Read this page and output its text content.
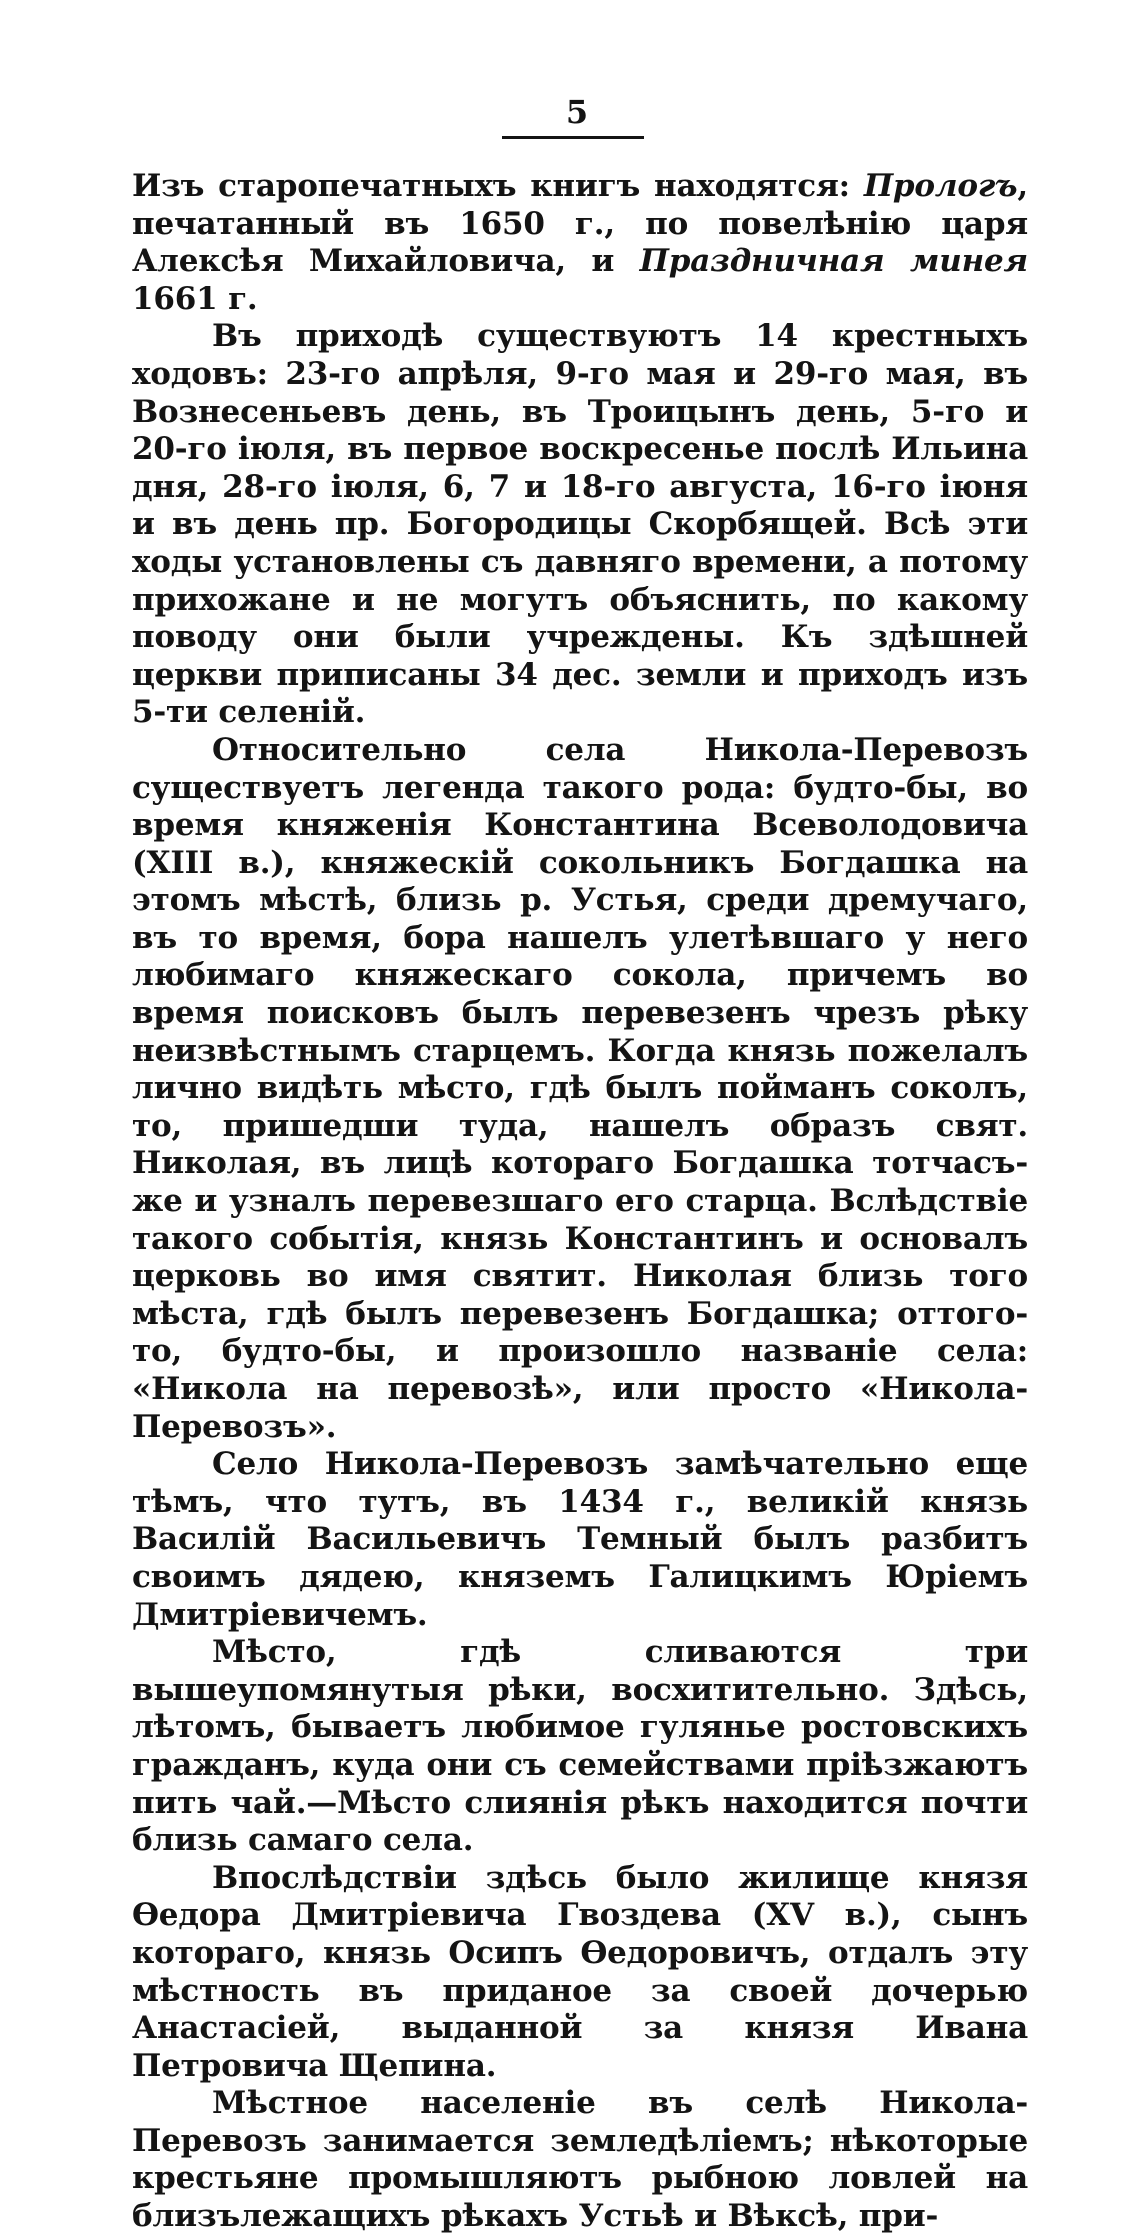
5

Изъ старопечатныхъ книгъ находятся: Прологъ, печатанный въ 1650 г., по повелѣнію царя Алексѣя Михайловича, и Праздничная минея 1661 г.

Въ приходѣ существуютъ 14 крестныхъ ходовъ: 23-го апрѣля, 9-го мая и 29-го мая, въ Вознесеньевъ день, въ Троицынъ день, 5-го и 20-го іюля, въ первое воскресенье послѣ Ильина дня, 28-го іюля, 6, 7 и 18-го августа, 16-го іюня и въ день пр. Богородицы Скорбящей. Всѣ эти ходы установлены съ давняго времени, а потому прихожане и не могутъ объяснить, по какому поводу они были учреждены. Къ здѣшней церкви приписаны 34 дес. земли и приходъ изъ 5-ти селеній.

Относительно села Никола-Перевозъ существуетъ легенда такого рода: будто-бы, во время княженія Константина Всеволодовича (XIII в.), княжескій сокольникъ Богдашка на этомъ мѣстѣ, близь р. Устья, среди дремучаго, въ то время, бора нашелъ улетѣвшаго у него любимаго княжескаго сокола, причемъ во время поисковъ былъ перевезенъ чрезъ рѣку неизвѣстнымъ старцемъ. Когда князь пожелалъ лично видѣть мѣсто, гдѣ былъ пойманъ соколъ, то, пришедши туда, нашелъ образъ свят. Николая, въ лицѣ котораго Богдашка тотчасъ-же и узналъ перевезшаго его старца. Вслѣдствіе такого событія, князь Константинъ и основалъ церковь во имя святит. Николая близь того мѣста, гдѣ былъ перевезенъ Богдашка; оттого-то, будто-бы, и произошло названіе села: «Никола на перевозѣ», или просто «Никола-Перевозъ».

Село Никола-Перевозъ замѣчательно еще тѣмъ, что тутъ, въ 1434 г., великій князь Василій Васильевичъ Темный былъ разбитъ своимъ дядею, княземъ Галицкимъ Юріемъ Дмитріевичемъ.

Мѣсто, гдѣ сливаются три вышеупомянутыя рѣки, восхитительно. Здѣсь, лѣтомъ, бываетъ любимое гулянье ростовскихъ гражданъ, куда они съ семействами пріѣзжаютъ пить чай.—Мѣсто слиянія рѣкъ находится почти близь самаго села.

Впослѣдствіи здѣсь было жилище князя Ѳедора Дмитріевича Гвоздева (XV в.), сынъ котораго, князь Осипъ Ѳедоровичъ, отдалъ эту мѣстность въ приданое за своей дочерью Анастасіей, выданной за князя Ивана Петровича Щепина.

Мѣстное населеніе въ селѣ Никола-Перевозъ занимается земледѣліемъ; нѣкоторые крестьяне промышляютъ рыбною ловлей на близълежащихъ рѣкахъ Устьѣ и Вѣксѣ, при-
